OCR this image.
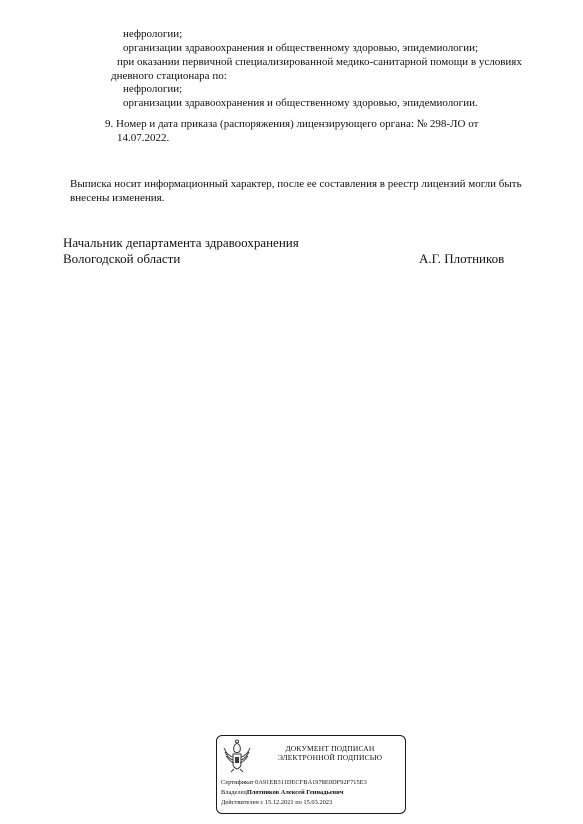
нефрологии;
организации здравоохранения и общественному здоровью, эпидемиологии;
при оказании первичной специализированной медико-санитарной помощи в условиях
дневного стационара по:
нефрологии;
организации здравоохранения и общественному здоровью, эпидемиологии.
9. Номер и дата приказа (распоряжения) лицензирующего органа: № 298-ЛО от
14.07.2022.
Выписка носит информационный характер, после ее составления в реестр лицензий могли быть
внесены изменения.
Начальник департамента здравоохранения
Вологодской области	А.Г. Плотников
ДОКУМЕНТ ПОДПИСАН
ЭЛЕКТРОННОЙ ПОДПИСЬЮ
Сертификат 0A91EB311DECFBA1978E0DF92F715E3
ВладелецПлотников Алексей Геннадьевич
Действителен с 15.12.2021 по 15.03.2023
